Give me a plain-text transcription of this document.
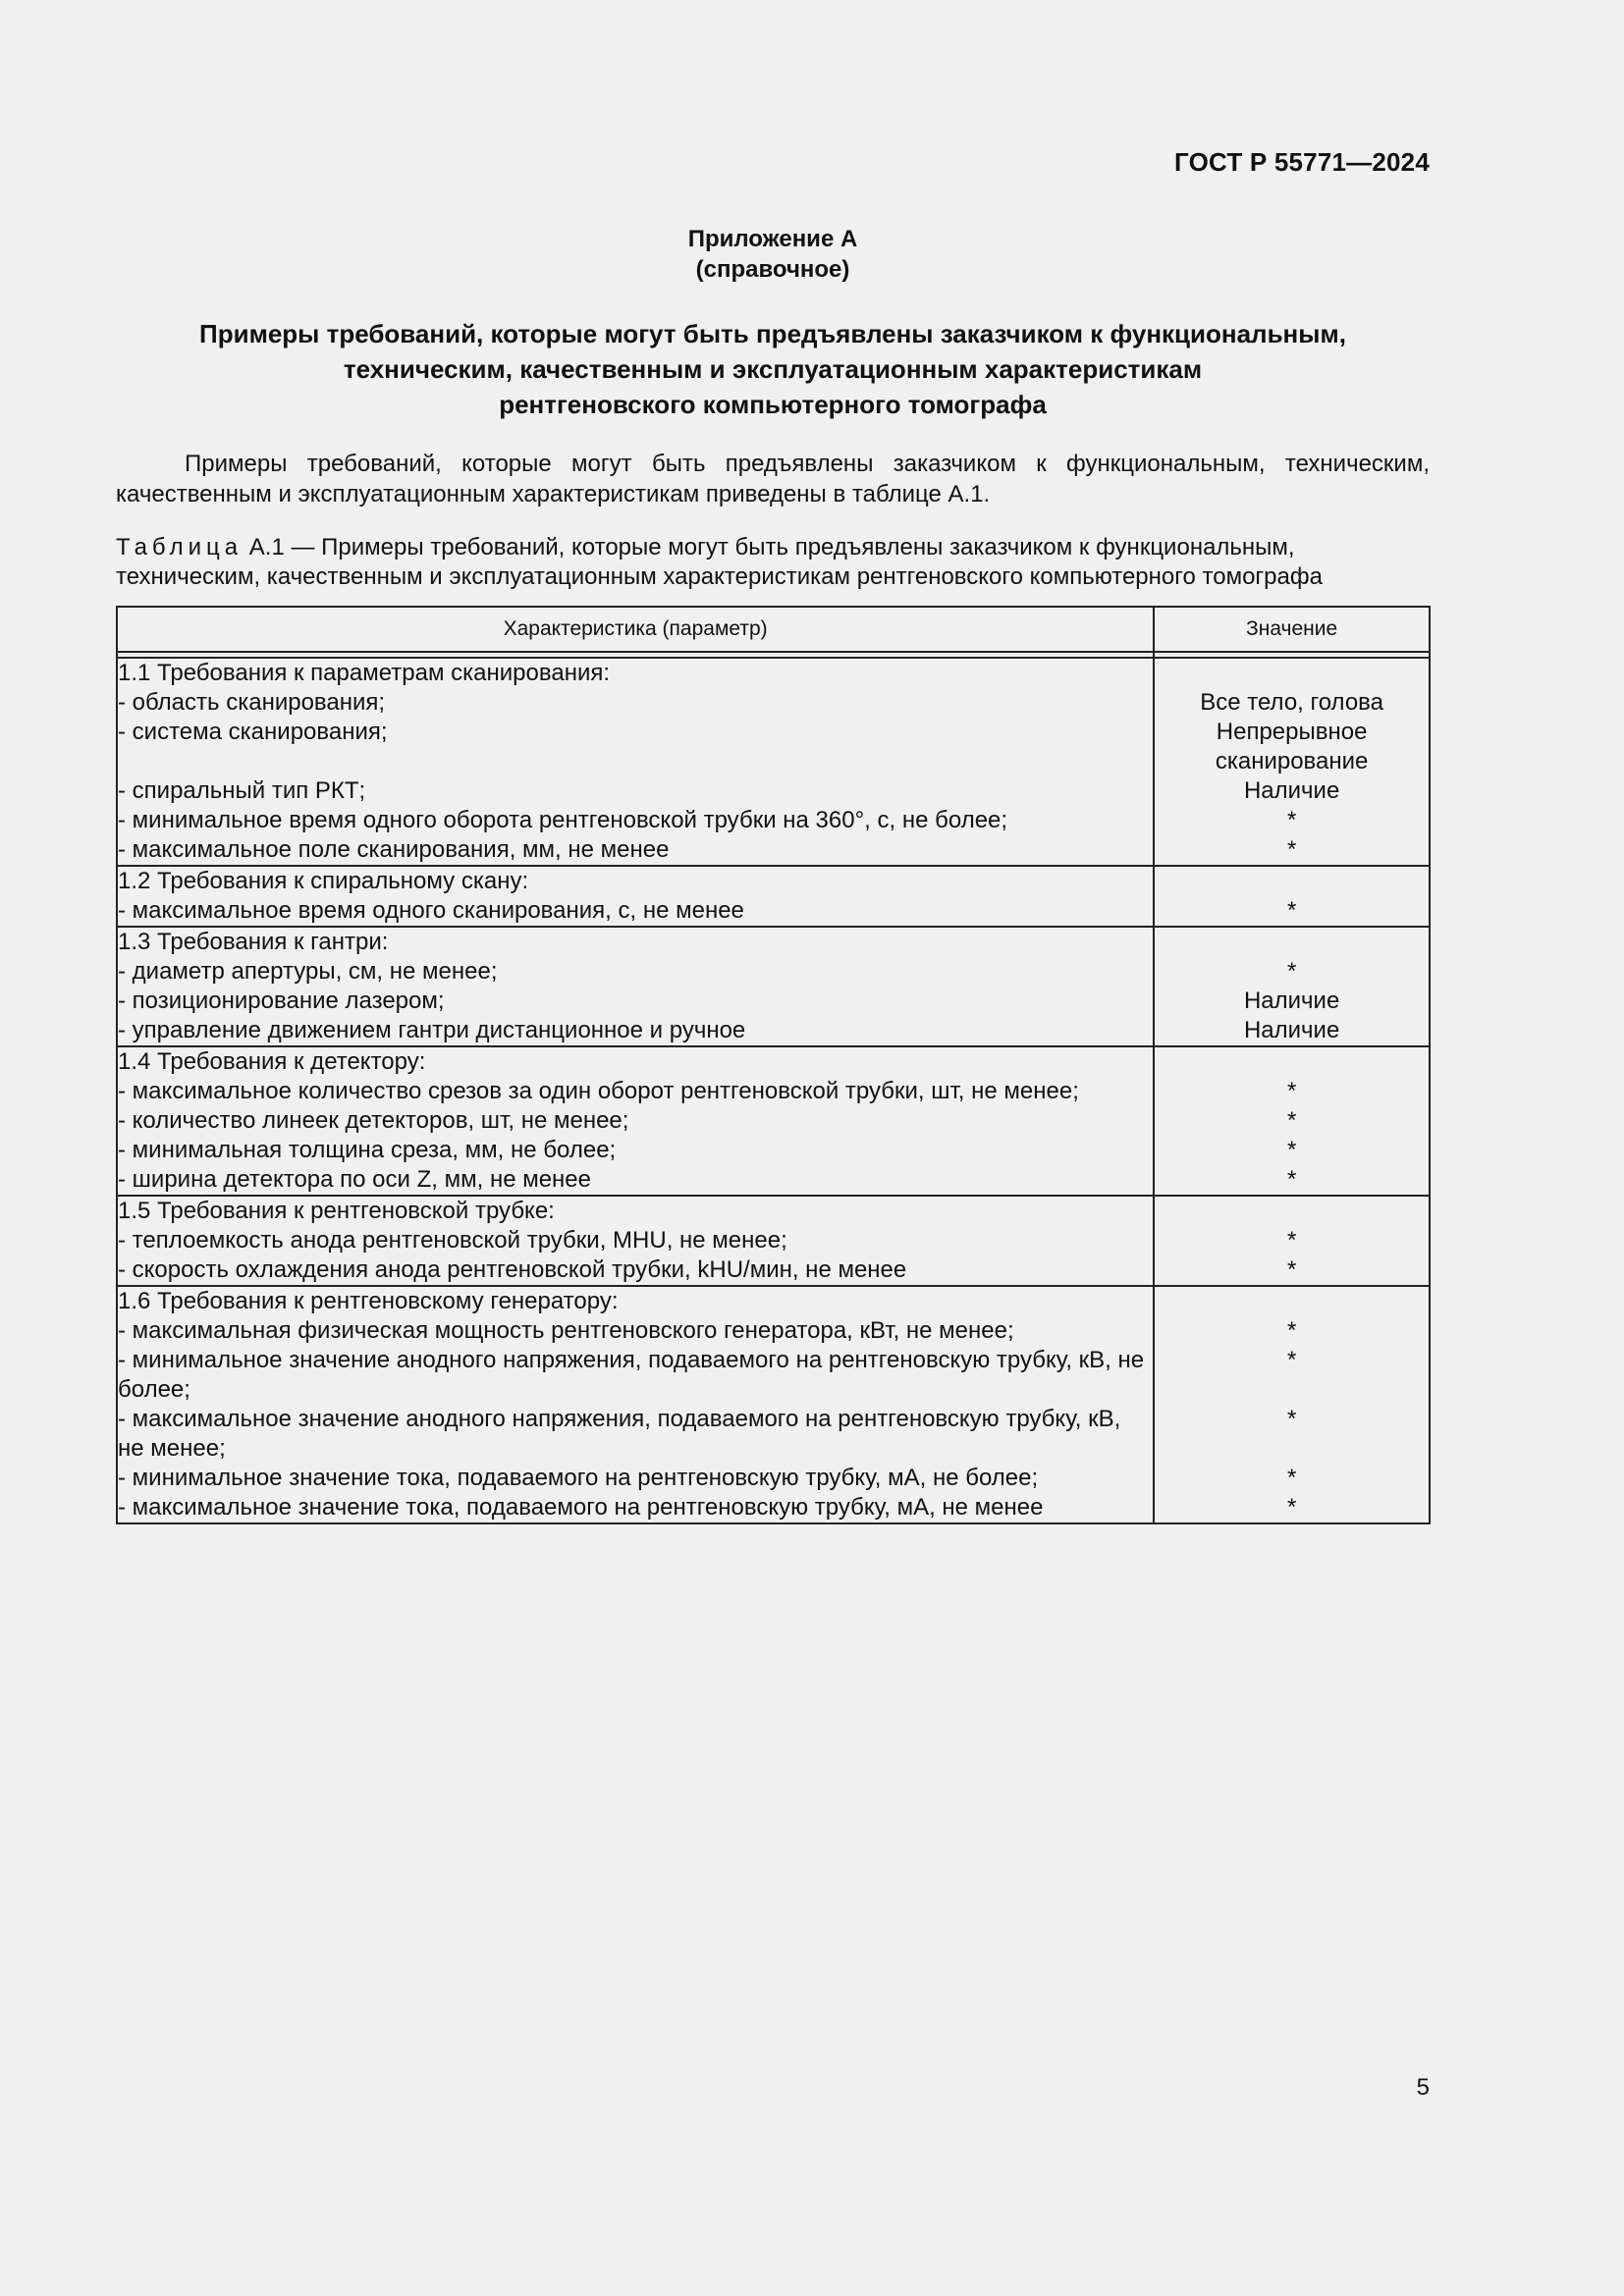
ГОСТ Р 55771—2024
Приложение А
(справочное)
Примеры требований, которые могут быть предъявлены заказчиком к функциональным,
техническим, качественным и эксплуатационным характеристикам
рентгеновского компьютерного томографа
Примеры требований, которые могут быть предъявлены заказчиком к функциональным, техническим, качественным и эксплуатационным характеристикам приведены в таблице А.1.
Таблица А.1 — Примеры требований, которые могут быть предъявлены заказчиком к функциональным, техническим, качественным и эксплуатационным характеристикам рентгеновского компьютерного томографа
Характеристика (параметр)	Значение

1.1 Требования к параметрам сканирования:	
- область сканирования;	Все тело, голова
- система сканирования;	Непрерывное сканирование
- спиральный тип РКТ;	Наличие
- минимальное время одного оборота рентгеновской трубки на 360°, с, не более;	*
- максимальное поле сканирования, мм, не менее	*
1.2 Требования к спиральному скану:	
- максимальное время одного сканирования, с, не менее	*
1.3 Требования к гантри:	
- диаметр апертуры, см, не менее;	*
- позиционирование лазером;	Наличие
- управление движением гантри дистанционное и ручное	Наличие
1.4 Требования к детектору:	
- максимальное количество срезов за один оборот рентгеновской трубки, шт, не менее;	*
- количество линеек детекторов, шт, не менее;	*
- минимальная толщина среза, мм, не более;	*
- ширина детектора по оси Z, мм, не менее	*
1.5 Требования к рентгеновской трубке:	
- теплоемкость анода рентгеновской трубки, МНU, не менее;	*
- скорость охлаждения анода рентгеновской трубки, kHU/мин, не менее	*
1.6 Требования к рентгеновскому генератору:	
- максимальная физическая мощность рентгеновского генератора, кВт, не менее;	*
- минимальное значение анодного напряжения, подаваемого на рентгеновскую трубку, кВ, не более;	*
- максимальное значение анодного напряжения, подаваемого на рентгеновскую трубку, кВ, не менее;	*
- минимальное значение тока, подаваемого на рентгеновскую трубку, мА, не более;	*
- максимальное значение тока, подаваемого на рентгеновскую трубку, мА, не менее	*
5
